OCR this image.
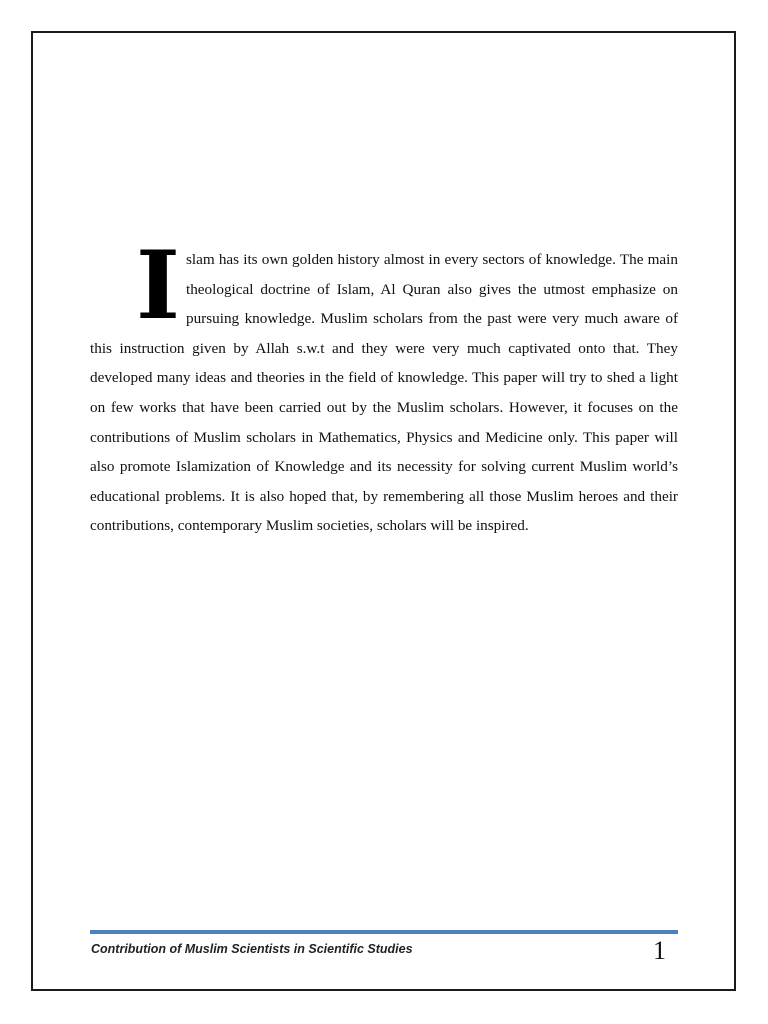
Islam has its own golden history almost in every sectors of knowledge. The main theological doctrine of Islam, Al Quran also gives the utmost emphasize on pursuing knowledge. Muslim scholars from the past were very much aware of this instruction given by Allah s.w.t and they were very much captivated onto that. They developed many ideas and theories in the field of knowledge. This paper will try to shed a light on few works that have been carried out by the Muslim scholars. However, it focuses on the contributions of Muslim scholars in Mathematics, Physics and Medicine only. This paper will also promote Islamization of Knowledge and its necessity for solving current Muslim world’s educational problems. It is also hoped that, by remembering all those Muslim heroes and their contributions, contemporary Muslim societies, scholars will be inspired.

Contribution of Muslim Scientists in Scientific Studies	1
